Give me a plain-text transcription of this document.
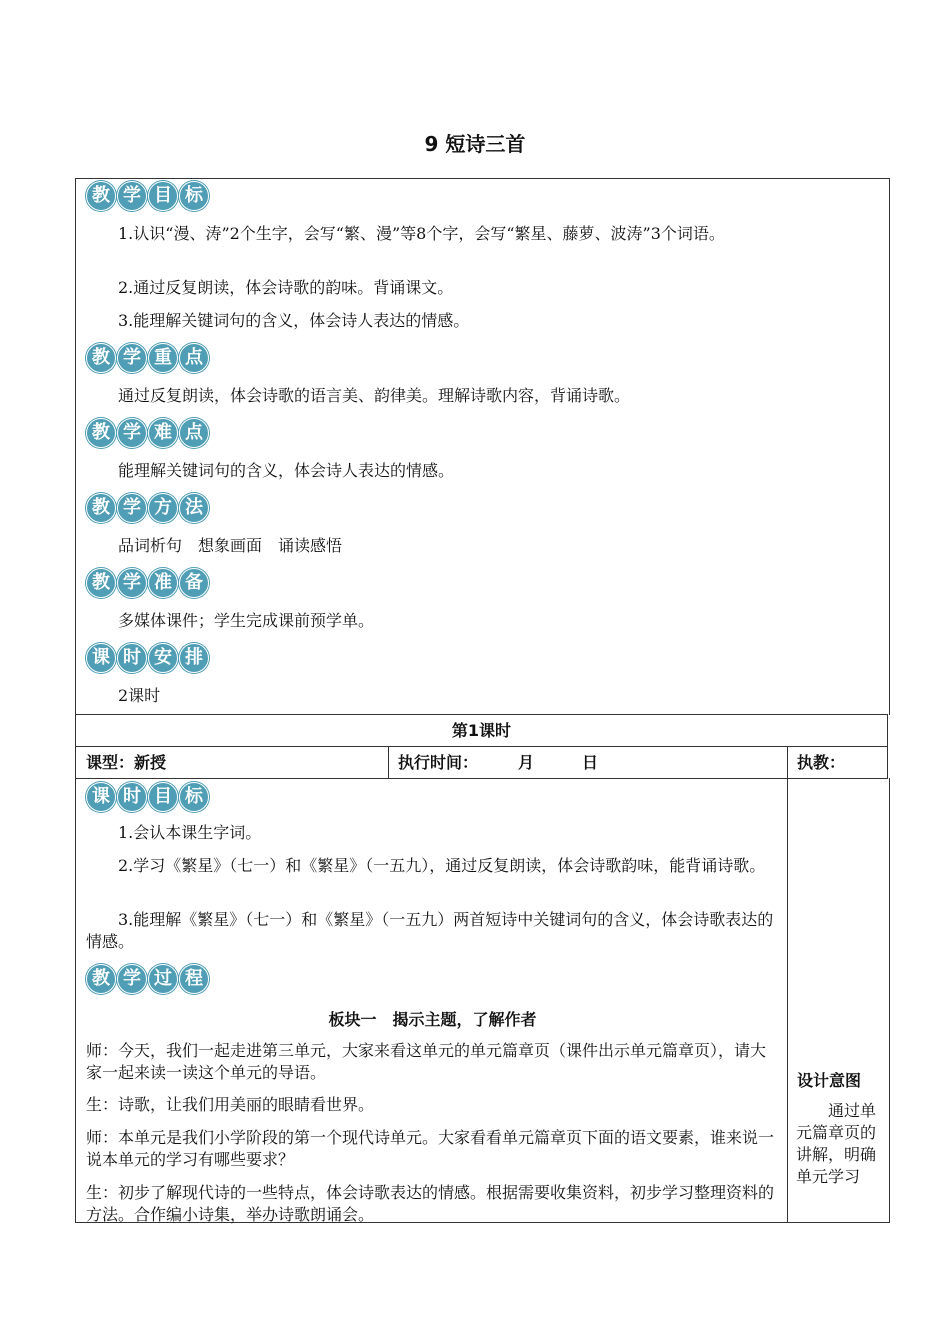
9 短诗三首
教 学 目 标
1.认识“漫、涛”2个生字，会写“繁、漫”等8个字，会写“繁星、藤萝、波涛”3个词语。
2.通过反复朗读，体会诗歌的韵味。背诵课文。
3.能理解关键词句的含义，体会诗人表达的情感。
教 学 重 点
通过反复朗读，体会诗歌的语言美、韵律美。理解诗歌内容，背诵诗歌。
教 学 难 点
能理解关键词句的含义，体会诗人表达的情感。
教 学 方 法
品词析句　想象画面　诵读感悟
教 学 准 备
多媒体课件；学生完成课前预学单。
课 时 安 排
2课时
第1课时
课型：新授	执行时间：　　　月　　　日	执教：
课 时 目 标
1.会认本课生字词。
2.学习《繁星》（七一）和《繁星》（一五九），通过反复朗读，体会诗歌韵味，能背诵诗歌。
3.能理解《繁星》（七一）和《繁星》（一五九）两首短诗中关键词句的含义，体会诗歌表达的情感。
教 学 过 程
板块一　揭示主题，了解作者
师：今天，我们一起走进第三单元，大家来看这单元的单元篇章页（课件出示单元篇章页），请大家一起来读一读这个单元的导语。
生：诗歌，让我们用美丽的眼睛看世界。
师：本单元是我们小学阶段的第一个现代诗单元。大家看看单元篇章页下面的语文要素，谁来说一说本单元的学习有哪些要求？
生：初步了解现代诗的一些特点，体会诗歌表达的情感。根据需要收集资料，初步学习整理资料的方法。合作编小诗集，举办诗歌朗诵会。
设计意图
通过单元篇章页的讲解，明确单元学习
